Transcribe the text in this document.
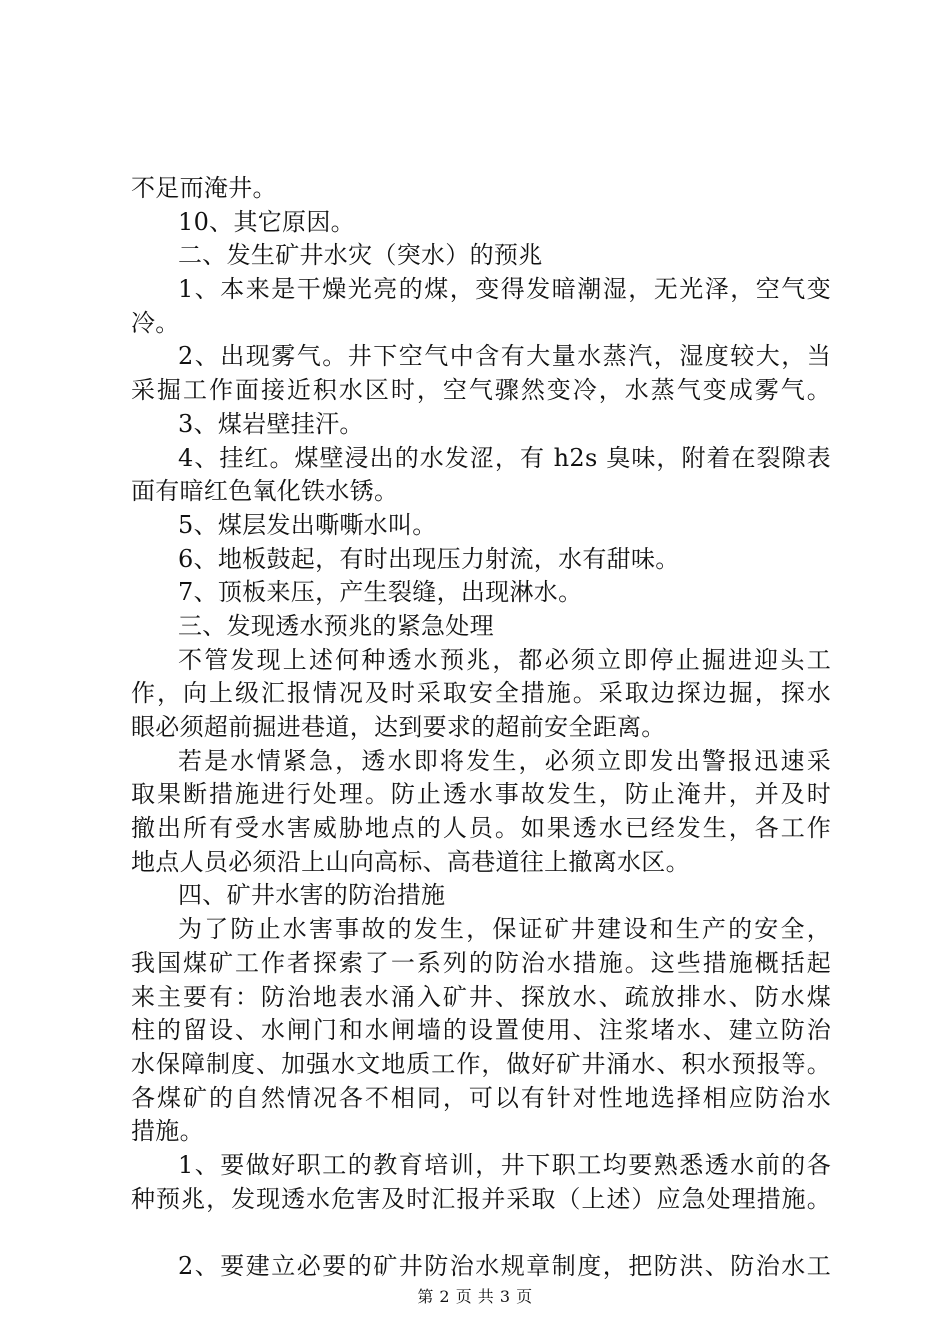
不足而淹井。
10、其它原因。
二、发生矿井水灾（突水）的预兆
1、本来是干燥光亮的煤，变得发暗潮湿，无光泽，空气变
冷。
2、出现雾气。井下空气中含有大量水蒸汽，湿度较大，当
采掘工作面接近积水区时，空气骤然变冷，水蒸气变成雾气。
3、煤岩壁挂汗。
4、挂红。煤壁浸出的水发涩，有 h2s 臭味，附着在裂隙表
面有暗红色氧化铁水锈。
5、煤层发出嘶嘶水叫。
6、地板鼓起，有时出现压力射流，水有甜味。
7、顶板来压，产生裂缝，出现淋水。
三、发现透水预兆的紧急处理
不管发现上述何种透水预兆，都必须立即停止掘进迎头工
作，向上级汇报情况及时采取安全措施。采取边探边掘，探水
眼必须超前掘进巷道，达到要求的超前安全距离。
若是水情紧急，透水即将发生，必须立即发出警报迅速采
取果断措施进行处理。防止透水事故发生，防止淹井，并及时
撤出所有受水害威胁地点的人员。如果透水已经发生，各工作
地点人员必须沿上山向高标、高巷道往上撤离水区。
四、矿井水害的防治措施
为了防止水害事故的发生，保证矿井建设和生产的安全，
我国煤矿工作者探索了一系列的防治水措施。这些措施概括起
来主要有：防治地表水涌入矿井、探放水、疏放排水、防水煤
柱的留设、水闸门和水闸墙的设置使用、注浆堵水、建立防治
水保障制度、加强水文地质工作，做好矿井涌水、积水预报等。
各煤矿的自然情况各不相同，可以有针对性地选择相应防治水
措施。
1、要做好职工的教育培训，井下职工均要熟悉透水前的各
种预兆，发现透水危害及时汇报并采取（上述）应急处理措施。
2、要建立必要的矿井防治水规章制度，把防洪、防治水工
第 2 页 共 3 页
